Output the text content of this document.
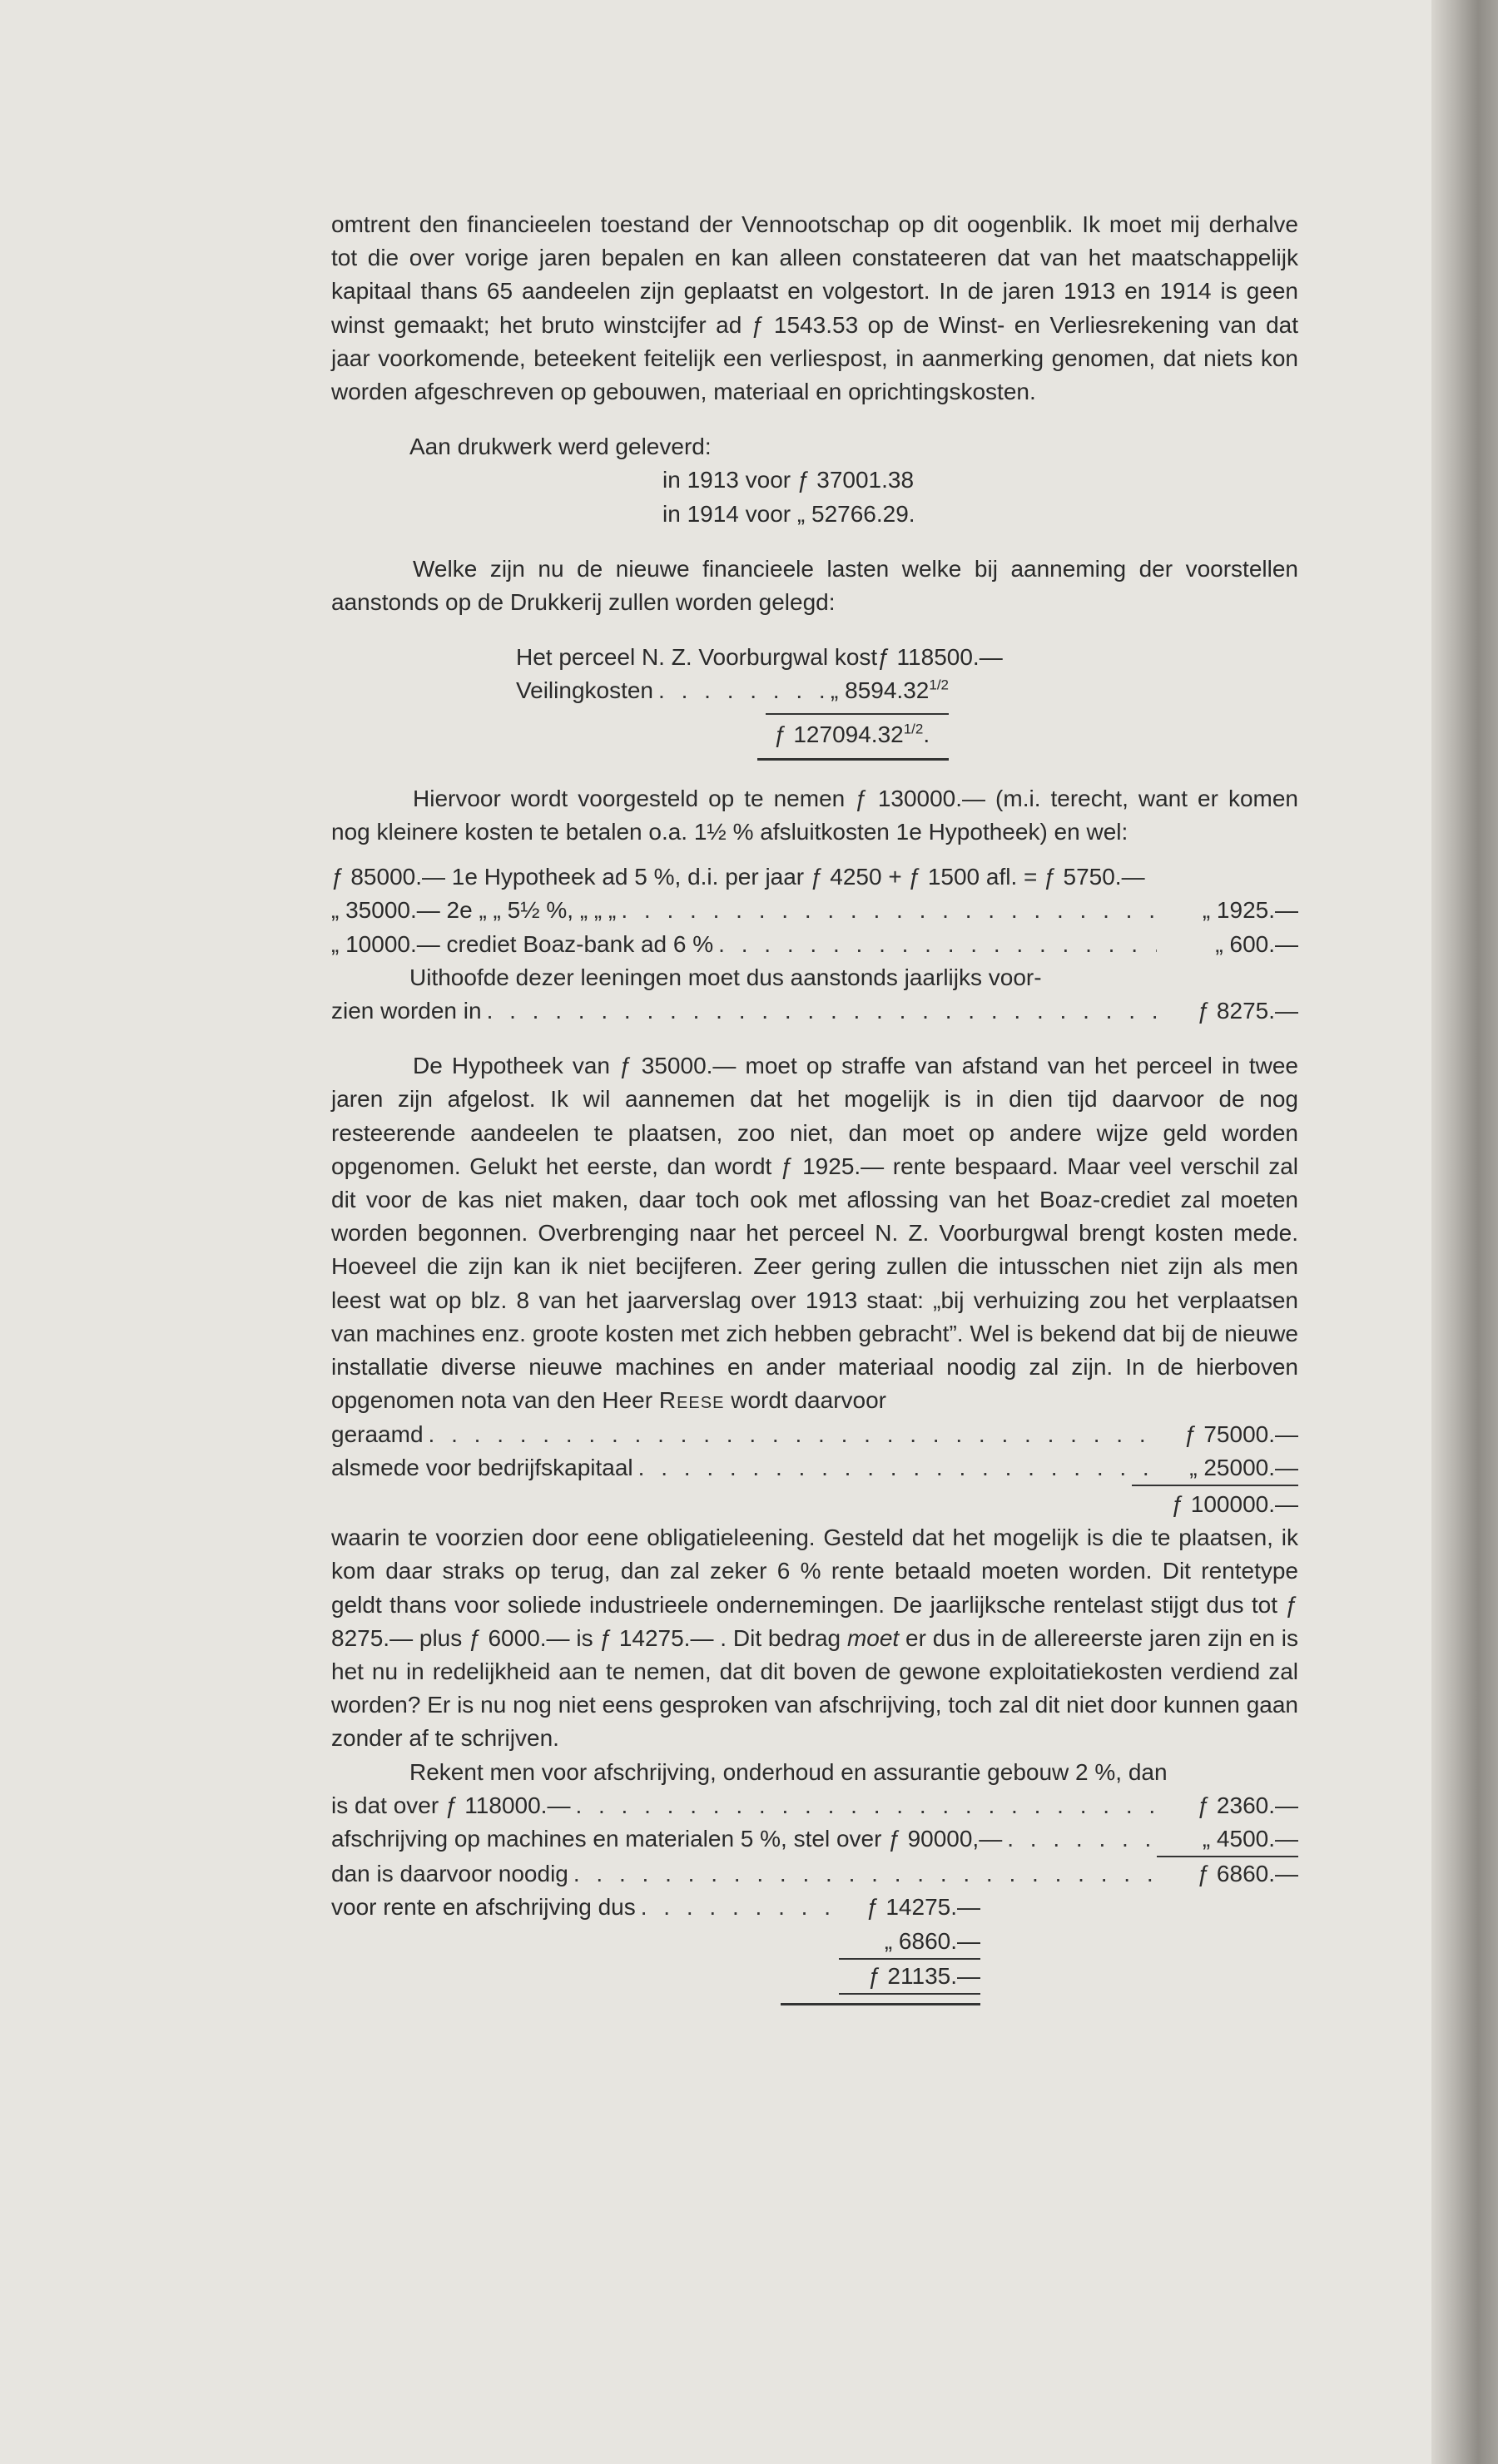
omtrent den financieelen toestand der Vennootschap op dit oogenblik. Ik moet mij derhalve tot die over vorige jaren bepalen en kan alleen constateeren dat van het maatschappelijk kapitaal thans 65 aandeelen zijn geplaatst en volgestort. In de jaren 1913 en 1914 is geen winst gemaakt; het bruto winstcijfer ad ƒ 1543.53 op de Winst- en Verliesrekening van dat jaar voorkomende, beteekent feitelijk een verliespost, in aanmerking genomen, dat niets kon worden afgeschreven op gebouwen, materiaal en oprichtingskosten.

Aan drukwerk werd geleverd:
in 1913 voor ƒ 37001.38
in 1914 voor „ 52766.29.

Welke zijn nu de nieuwe financieele lasten welke bij aanneming der voorstellen aanstonds op de Drukkerij zullen worden gelegd:

Het perceel N. Z. Voorburgwal kost ƒ 118500.—
Veilingkosten . . .	„ $8594.32^{1/2}$
ƒ $127094.32^{1/2}$.

Hiervoor wordt voorgesteld op te nemen ƒ 130000.— (m.i. terecht, want er komen nog kleinere kosten te betalen o.a. 1½ % afsluitkosten 1e Hypotheek) en wel:

ƒ 85000.— 1e Hypotheek ad 5 %, d.i. per jaar ƒ 4250 + ƒ 1500 afl. = ƒ 5750.—
„ 35000.— 2e „ „ 5½ %, „ „ „ . . .	„ 1925.—
„ 10000.— crediet Boaz-bank ad 6 % . . .	„ 600.—
Uithoofde dezer leeningen moet dus aanstonds jaarlijks voor-
zien worden in . . .	ƒ 8275.—

De Hypotheek van ƒ 35000.— moet op straffe van afstand van het perceel in twee jaren zijn afgelost. Ik wil aannemen dat het mogelijk is in dien tijd daarvoor de nog resteerende aandeelen te plaatsen, zoo niet, dan moet op andere wijze geld worden opgenomen. Gelukt het eerste, dan wordt ƒ 1925.— rente bespaard. Maar veel verschil zal dit voor de kas niet maken, daar toch ook met aflossing van het Boaz-crediet zal moeten worden begonnen. Overbrenging naar het perceel N. Z. Voorburgwal brengt kosten mede. Hoeveel die zijn kan ik niet becijferen. Zeer gering zullen die intusschen niet zijn als men leest wat op blz. 8 van het jaarverslag over 1913 staat: „bij verhuizing zou het verplaatsen van machines enz. groote kosten met zich hebben gebracht”. Wel is bekend dat bij de nieuwe installatie diverse nieuwe machines en ander materiaal noodig zal zijn. In de hierboven opgenomen nota van den Heer Reese wordt daarvoor

geraamd . . .	ƒ 75000.—
alsmede voor bedrijfskapitaal . . .	„ 25000.—
ƒ 100000.—

waarin te voorzien door eene obligatieleening. Gesteld dat het mogelijk is die te plaatsen, ik kom daar straks op terug, dan zal zeker 6 % rente betaald moeten worden. Dit rentetype geldt thans voor soliede industrieele ondernemingen. De jaarlijksche rentelast stijgt dus tot ƒ 8275.— plus ƒ 6000.— is ƒ 14275.— . Dit bedrag moet er dus in de allereerste jaren zijn en is het nu in redelijkheid aan te nemen, dat dit boven de gewone exploitatiekosten verdiend zal worden? Er is nu nog niet eens gesproken van afschrijving, toch zal dit niet door kunnen gaan zonder af te schrijven.

Rekent men voor afschrijving, onderhoud en assurantie gebouw 2 %, dan
is dat over ƒ 118000.— . . .	ƒ 2360.—
afschrijving op machines en materialen 5 %, stel over ƒ 90000,— . . .	„ 4500.—
dan is daarvoor noodig . . .	ƒ 6860.—
voor rente en afschrijving dus . . .	ƒ 14275.—
„ 6860.—
ƒ 21135.—
